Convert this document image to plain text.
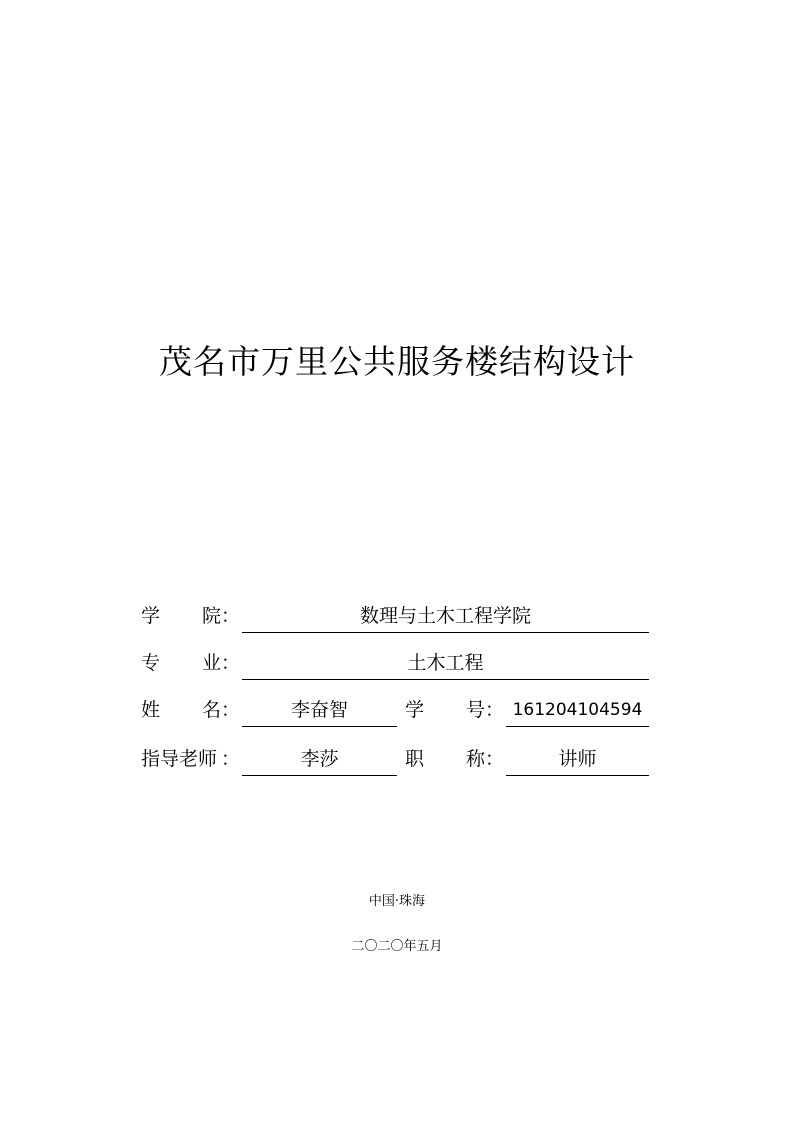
茂名市万里公共服务楼结构设计
学 院 ：	数理与土木工程学院
专 业 ：	土木工程
姓 名 ：	李奋智	学 号 ： 161204104594
指导老师 ：	李莎	职 称 ：	讲师
中国·珠海
二〇二〇年五月
